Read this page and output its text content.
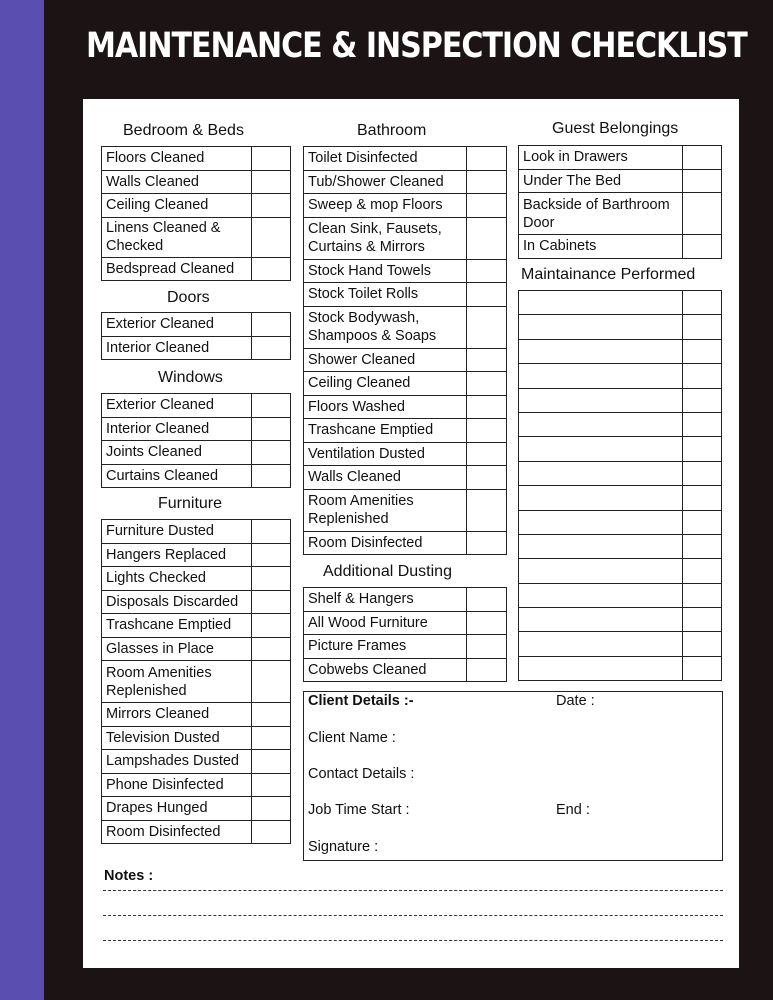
MAINTENANCE & INSPECTION CHECKLIST
Bedroom & Beds
Floors Cleaned	
Walls Cleaned	
Ceiling Cleaned	
Linens Cleaned & Checked	
Bedspread Cleaned	
Doors
Exterior Cleaned	
Interior Cleaned	
Windows
Exterior Cleaned	
Interior Cleaned	
Joints Cleaned	
Curtains Cleaned	
Furniture
Furniture Dusted	
Hangers Replaced	
Lights Checked	
Disposals Discarded	
Trashcane Emptied	
Glasses in Place	
Room Amenities Replenished	
Mirrors Cleaned	
Television Dusted	
Lampshades Dusted	
Phone Disinfected	
Drapes Hunged	
Room Disinfected	
Bathroom
Toilet Disinfected	
Tub/Shower Cleaned	
Sweep & mop Floors	
Clean Sink, Fausets, Curtains & Mirrors	
Stock Hand Towels	
Stock Toilet Rolls	
Stock Bodywash, Shampoos & Soaps	
Shower Cleaned	
Ceiling Cleaned	
Floors Washed	
Trashcane Emptied	
Ventilation Dusted	
Walls Cleaned	
Room Amenities Replenished	
Room Disinfected	
Additional Dusting
Shelf & Hangers	
All Wood Furniture	
Picture Frames	
Cobwebs Cleaned	
Guest Belongings
Look in Drawers	
Under The Bed	
Backside of Barthroom Door	
In Cabinets	
Maintainance Performed

Client Details :-	Date :
Client Name :
Contact Details :
Job Time Start :	End :
Signature :
Notes :
